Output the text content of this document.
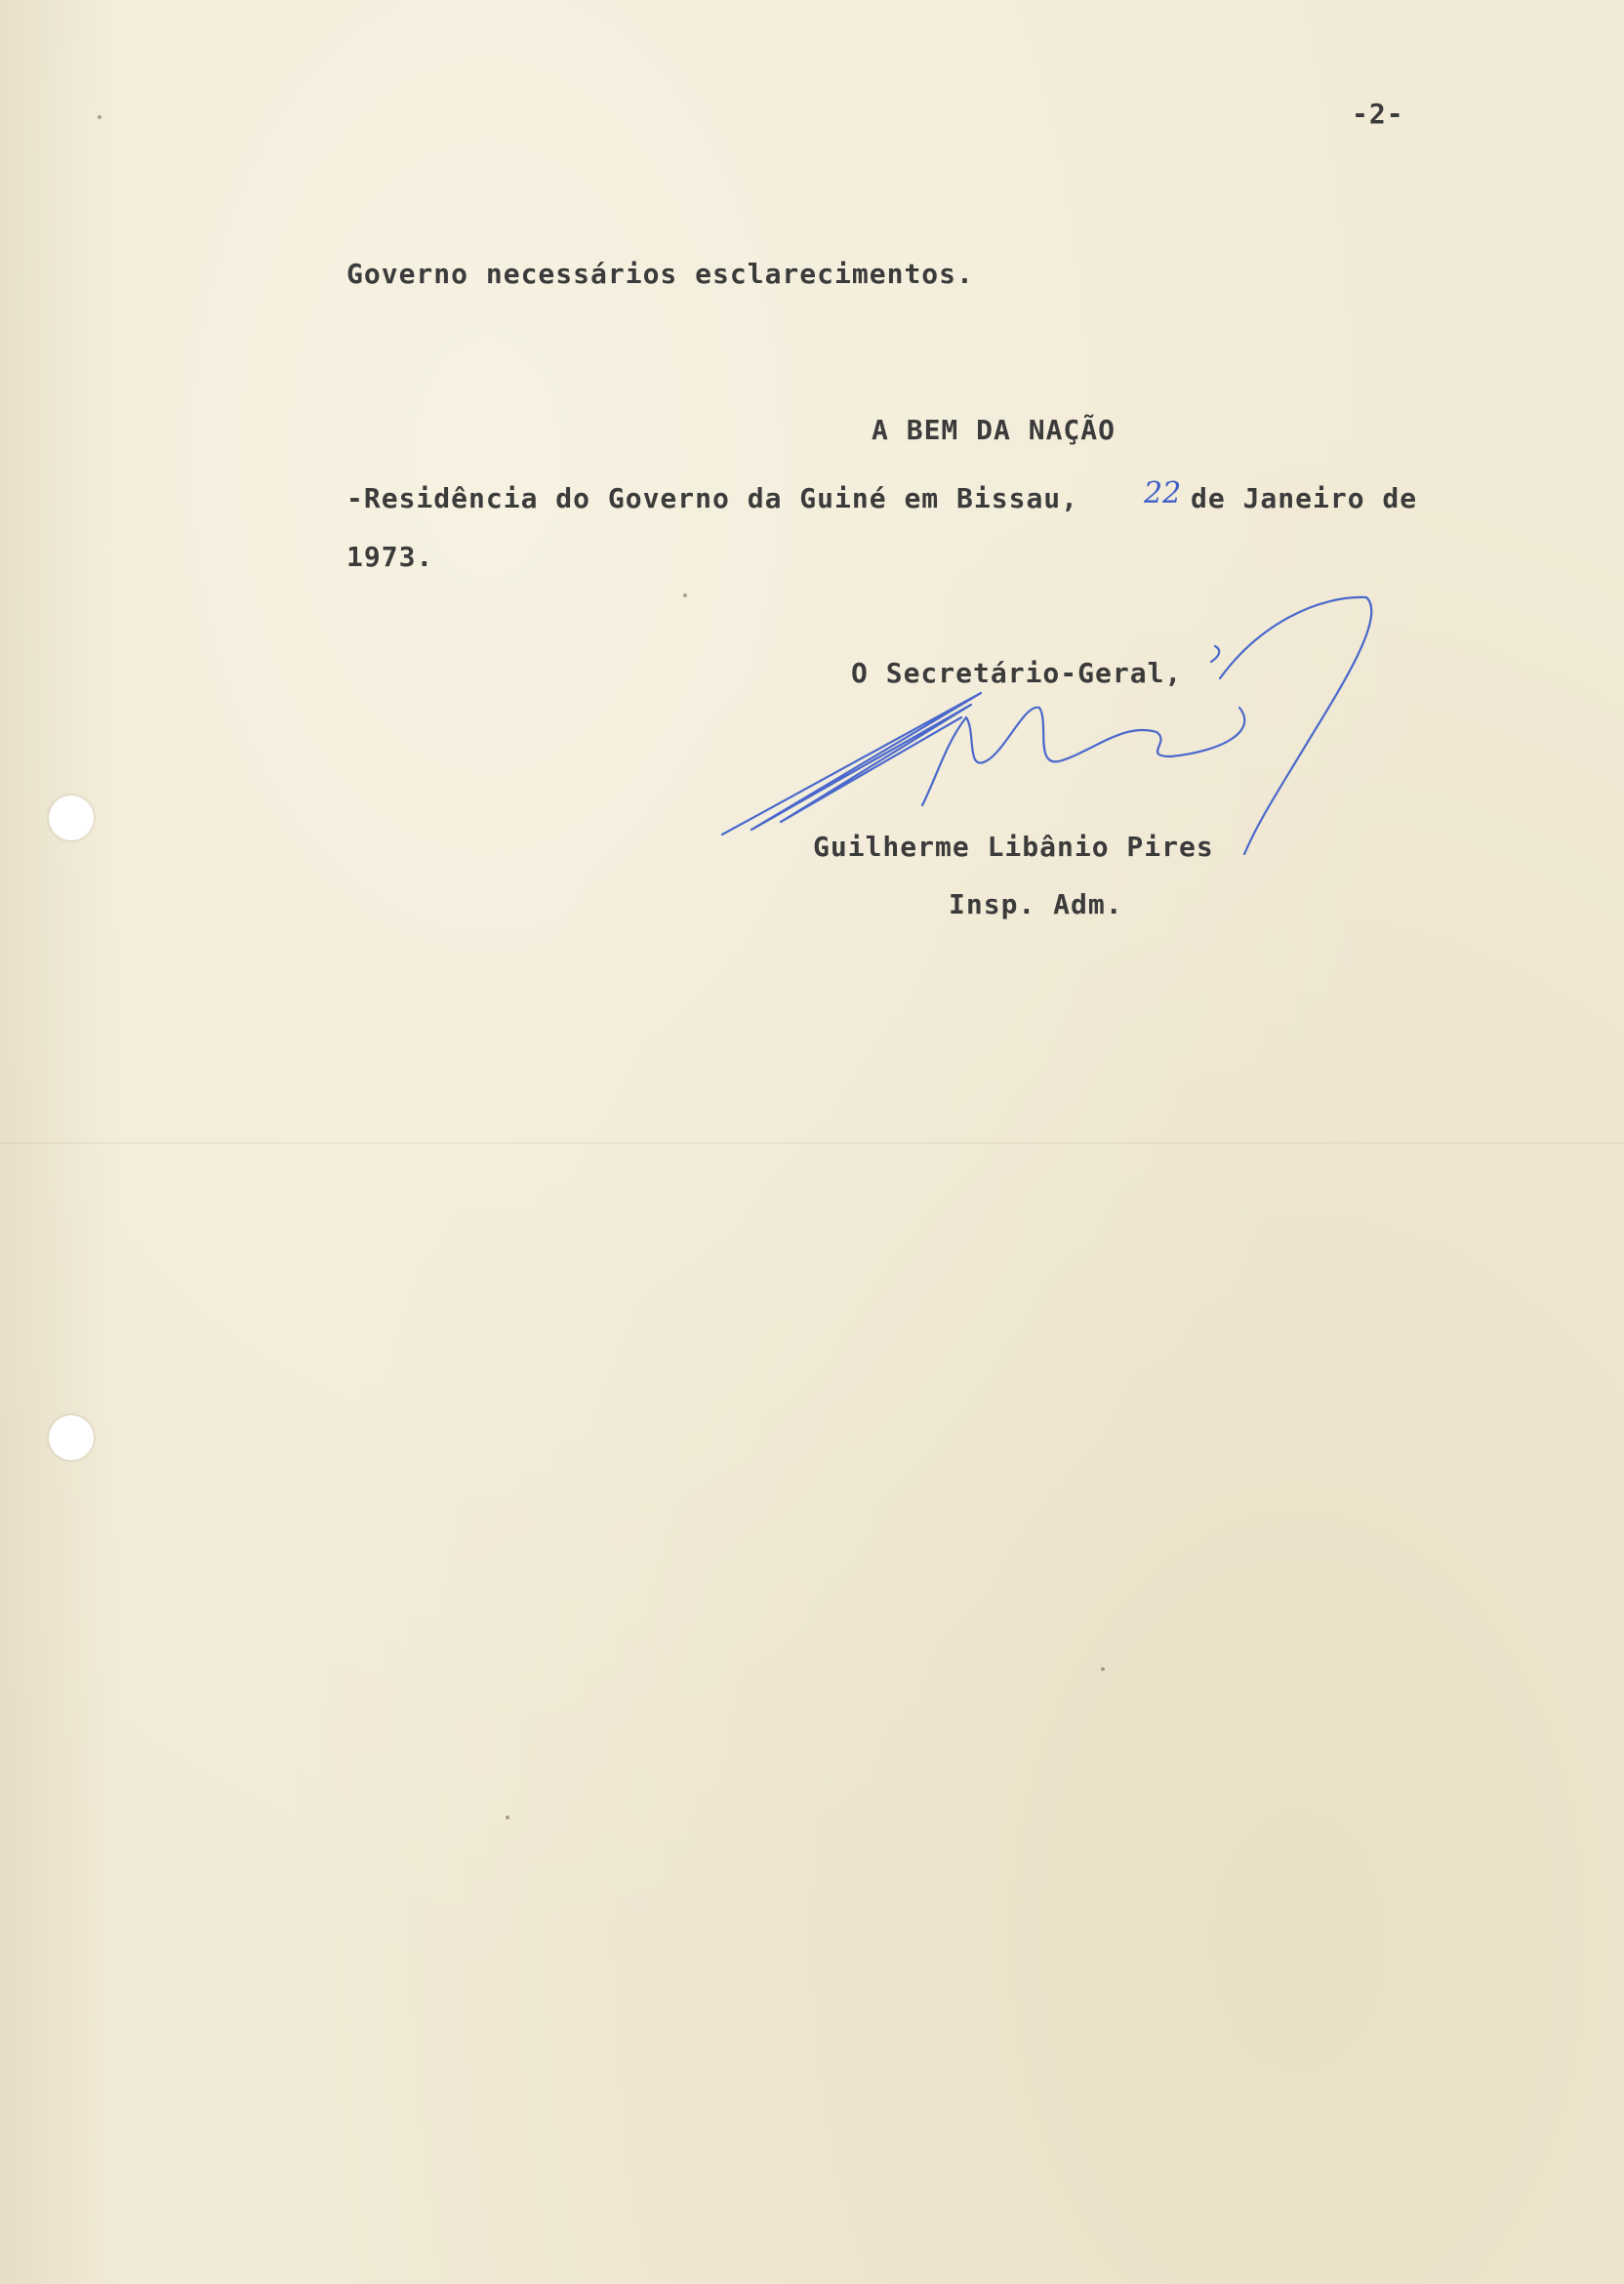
-2-
Governo necessários esclarecimentos.
A BEM DA NAÇÃO
-Residência do Governo da Guiné em Bissau, 22 de Janeiro de
1973.
O Secretário-Geral,
Guilherme Libânio Pires
Insp. Adm.
